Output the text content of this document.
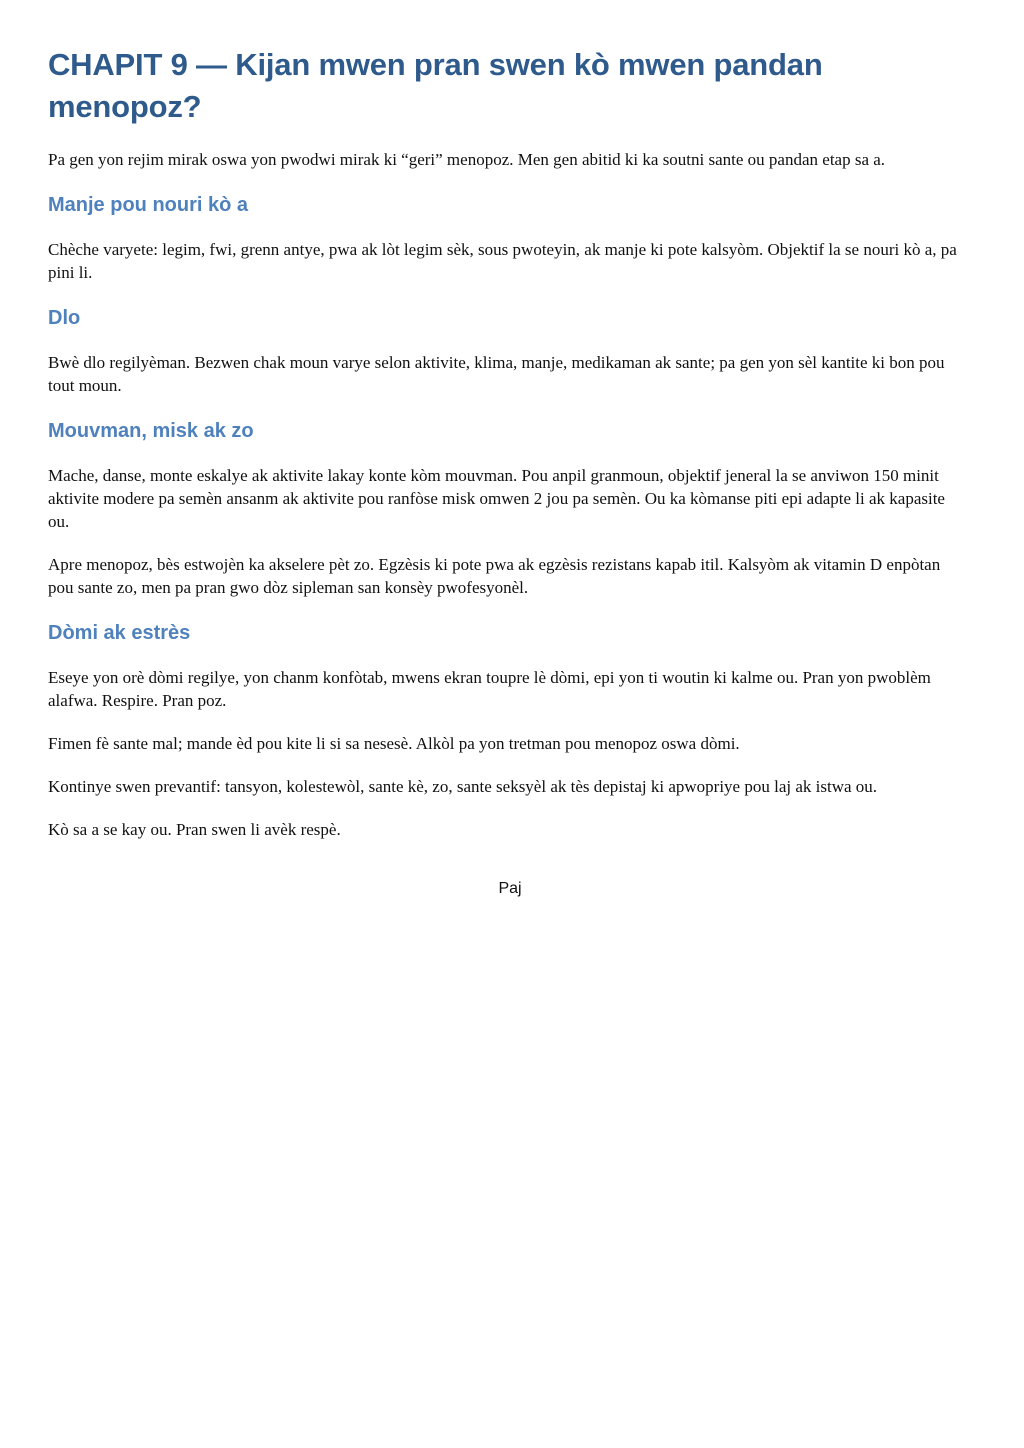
CHAPIT 9 — Kijan mwen pran swen kò mwen pandan menopoz?

Pa gen yon rejim mirak oswa yon pwodwi mirak ki “geri” menopoz. Men gen abitid ki ka soutni sante ou pandan etap sa a.

Manje pou nouri kò a

Chèche varyete: legim, fwi, grenn antye, pwa ak lòt legim sèk, sous pwoteyin, ak manje ki pote kalsyòm. Objektif la se nouri kò a, pa pini li.

Dlo

Bwè dlo regilyèman. Bezwen chak moun varye selon aktivite, klima, manje, medikaman ak sante; pa gen yon sèl kantite ki bon pou tout moun.

Mouvman, misk ak zo

Mache, danse, monte eskalye ak aktivite lakay konte kòm mouvman. Pou anpil granmoun, objektif jeneral la se anviwon 150 minit aktivite modere pa semèn ansanm ak aktivite pou ranfòse misk omwen 2 jou pa semèn. Ou ka kòmanse piti epi adapte li ak kapasite ou.

Apre menopoz, bès estwojèn ka akselere pèt zo. Egzèsis ki pote pwa ak egzèsis rezistans kapab itil. Kalsyòm ak vitamin D enpòtan pou sante zo, men pa pran gwo dòz sipleman san konsèy pwofesyonèl.

Dòmi ak estrès

Eseye yon orè dòmi regilye, yon chanm konfòtab, mwens ekran toupre lè dòmi, epi yon ti woutin ki kalme ou. Pran yon pwoblèm alafwa. Respire. Pran poz.

Fimen fè sante mal; mande èd pou kite li si sa nesesè. Alkòl pa yon tretman pou menopoz oswa dòmi.

Kontinye swen prevantif: tansyon, kolestewòl, sante kè, zo, sante seksyèl ak tès depistaj ki apwopriye pou laj ak istwa ou.

Kò sa a se kay ou. Pran swen li avèk respè.

Paj
